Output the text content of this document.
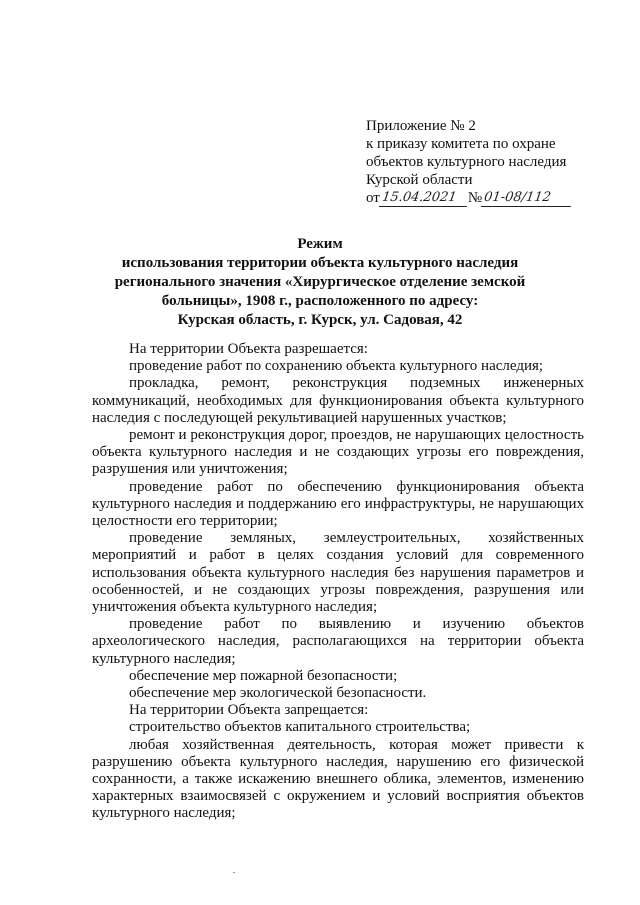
Приложение № 2
к приказу комитета по охране
объектов культурного наследия
Курской области
от 15.04.2021 № 01-08/112
Режим
использования территории объекта культурного наследия
регионального значения «Хирургическое отделение земской
больницы», 1908 г., расположенного по адресу:
Курская область, г. Курск, ул. Садовая, 42

На территории Объекта разрешается:

проведение работ по сохранению объекта культурного наследия;

прокладка, ремонт, реконструкция подземных инженерных коммуникаций, необходимых для функционирования объекта культурного наследия с последующей рекультивацией нарушенных участков;

ремонт и реконструкция дорог, проездов, не нарушающих целостность объекта культурного наследия и не создающих угрозы его повреждения, разрушения или уничтожения;

проведение работ по обеспечению функционирования объекта культурного наследия и поддержанию его инфраструктуры, не нарушающих целостности его территории;

проведение земляных, землеустроительных, хозяйственных мероприятий и работ в целях создания условий для современного использования объекта культурного наследия без нарушения параметров и особенностей, и не создающих угрозы повреждения, разрушения или уничтожения объекта культурного наследия;

проведение работ по выявлению и изучению объектов археологического наследия, располагающихся на территории объекта культурного наследия;

обеспечение мер пожарной безопасности;

обеспечение мер экологической безопасности.

На территории Объекта запрещается:

строительство объектов капитального строительства;

любая хозяйственная деятельность, которая может привести к разрушению объекта культурного наследия, нарушению его физической сохранности, а также искажению внешнего облика, элементов, изменению характерных взаимосвязей с окружением и условий восприятия объектов культурного наследия;
